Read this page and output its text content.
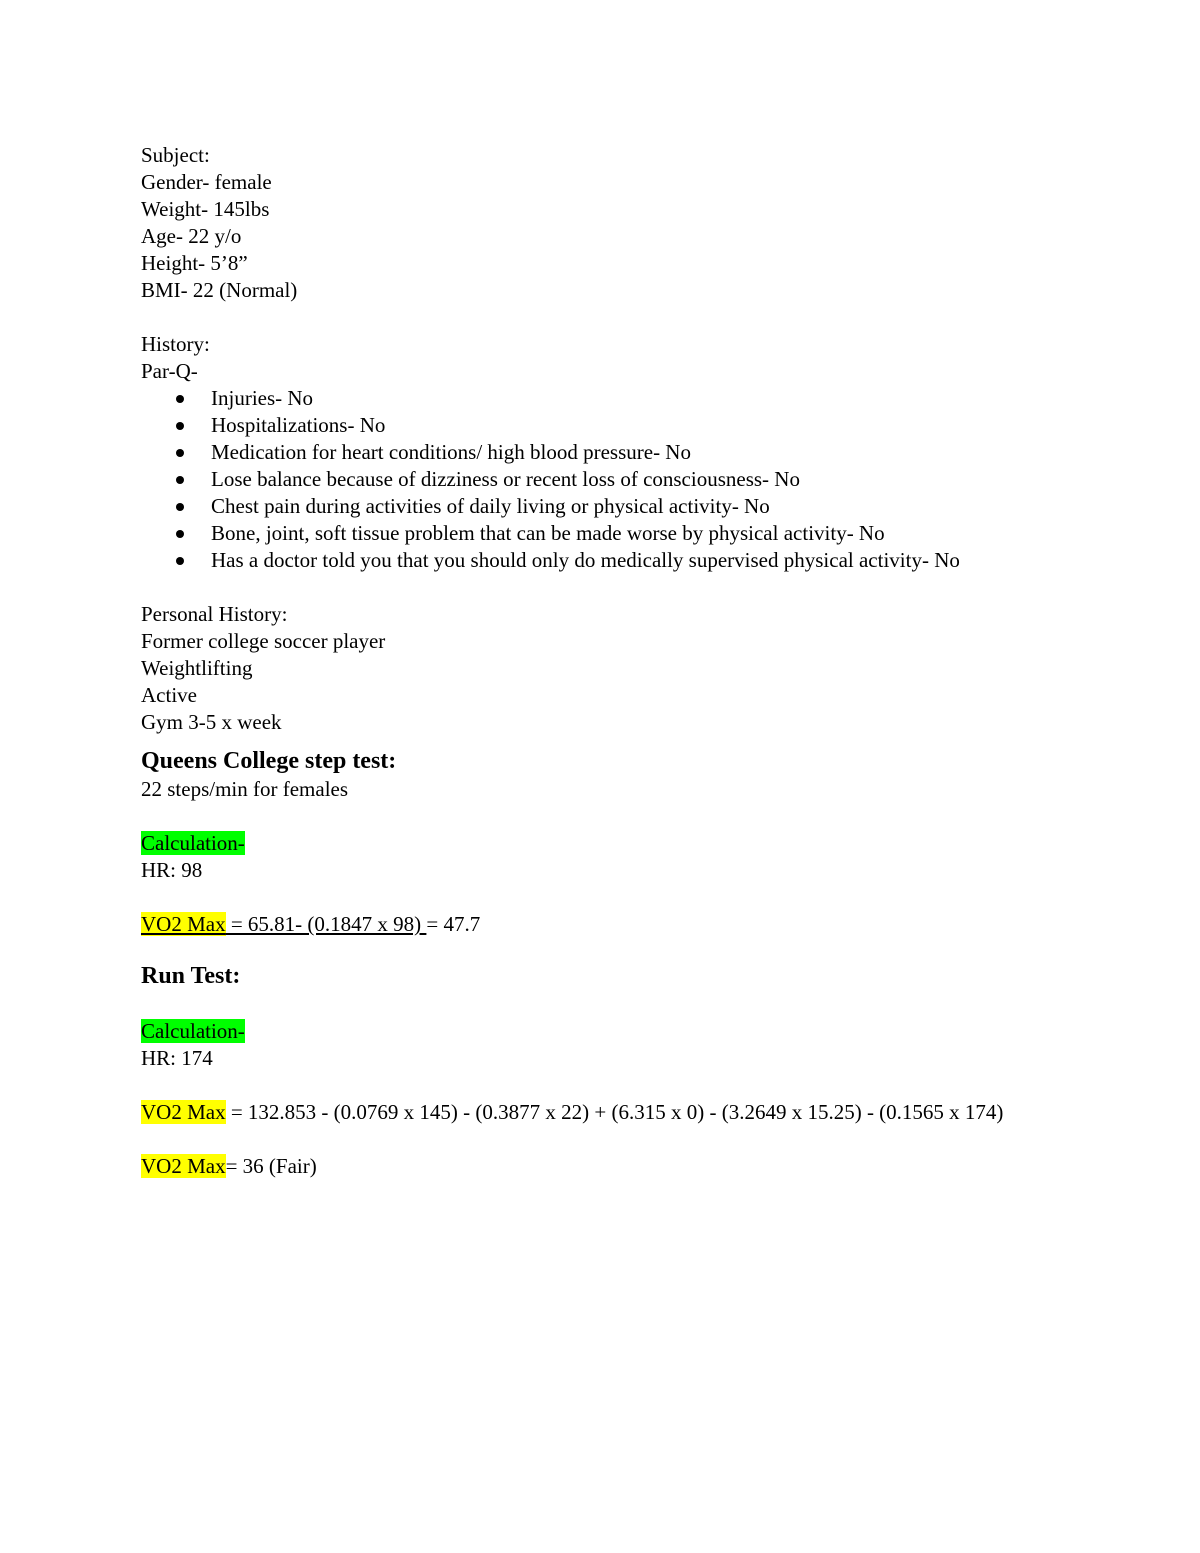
Subject:
Gender- female
Weight- 145lbs
Age- 22 y/o
Height- 5’8”
BMI- 22 (Normal)
History:
Par-Q-
Injuries- No
Hospitalizations- No
Medication for heart conditions/ high blood pressure- No
Lose balance because of dizziness or recent loss of consciousness- No
Chest pain during activities of daily living or physical activity- No
Bone, joint, soft tissue problem that can be made worse by physical activity- No
Has a doctor told you that you should only do medically supervised physical activity- No
Personal History:
Former college soccer player
Weightlifting
Active
Gym 3-5 x week
Queens College step test:
22 steps/min for females
Calculation-
HR: 98
VO2 Max = 65.81- (0.1847 x 98) = 47.7
Run Test:
Calculation-
HR: 174
VO2 Max = 132.853 - (0.0769 x 145) - (0.3877 x 22) + (6.315 x 0) - (3.2649 x 15.25) - (0.1565 x 174)
VO2 Max= 36 (Fair)
